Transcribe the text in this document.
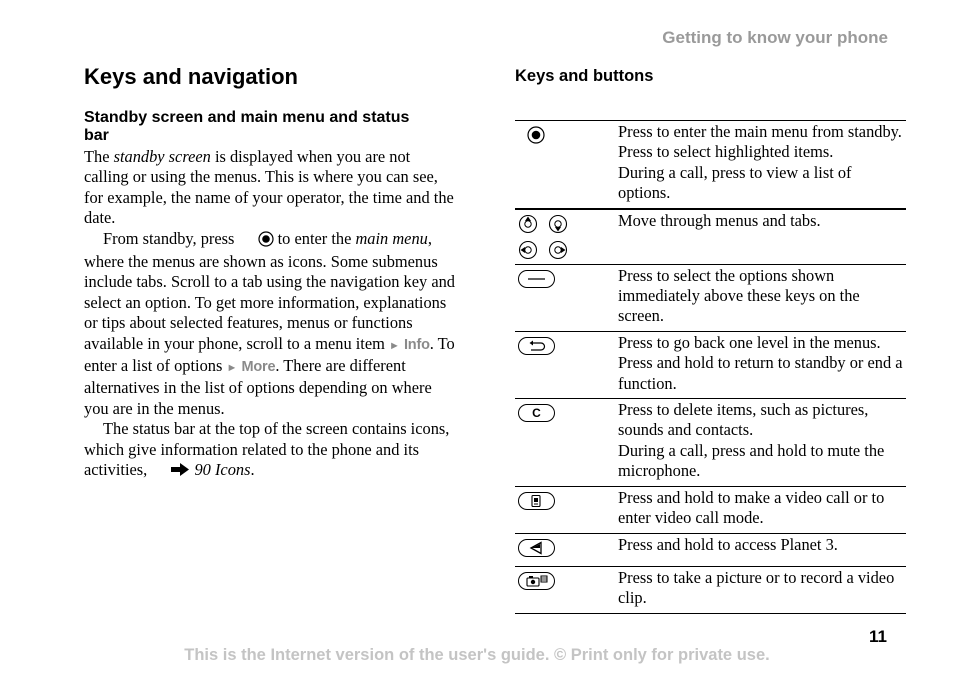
Getting to know your phone
Keys and navigation
Standby screen and main menu and status bar

The standby screen is displayed when you are not calling or using the menus. This is where you can see, for example, the name of your operator, the time and the date.

From standby, press  to enter the main menu, where the menus are shown as icons. Some submenus include tabs. Scroll to a tab using the navigation key and select an option. To get more information, explanations or tips about selected features, menus or functions available in your phone, scroll to a menu item ► Info. To enter a list of options ► More. There are different alternatives in the list of options depending on where you are in the menus.

The status bar at the top of the screen contains icons, which give information related to the phone and its activities,	90 Icons.

Keys and buttons
	Press to enter the main menu from standby.
Press to select highlighted items.
During a call, press to view a list of options.

	Move through menus and tabs.

	Press to select the options shown immediately above these keys on the screen.

	Press to go back one level in the menus.
Press and hold to return to standby or end a function.

C	Press to delete items, such as pictures, sounds and contacts.
During a call, press and hold to mute the microphone.

	Press and hold to make a video call or to enter video call mode.

	Press and hold to access Planet 3.

	Press to take a picture or to record a video clip.
11
This is the Internet version of the user's guide. © Print only for private use.
